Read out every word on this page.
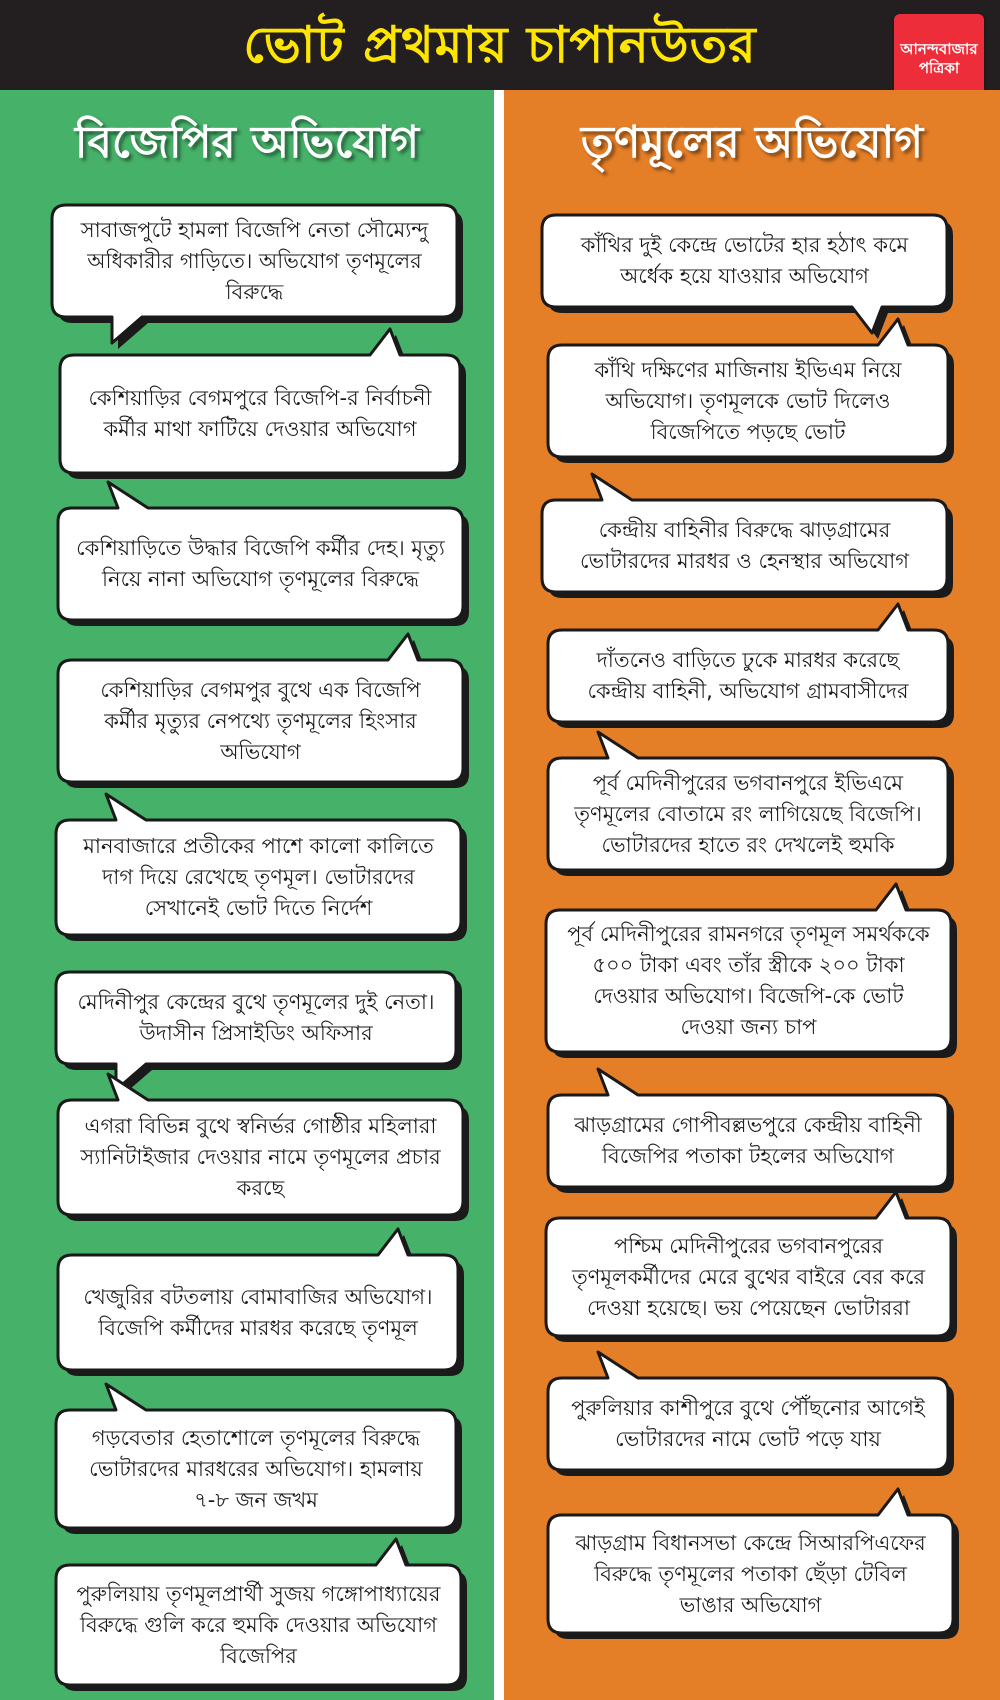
ভোট প্রথমায় চাপানউতর	আনন্দবাজার
পত্রিকা
বিজেপির অভিযোগ	তৃণমূলের অভিযোগ
সাবাজপুটে হামলা বিজেপি নেতা সৌম্যেন্দু অধিকারীর গাড়িতে। অভিযোগ তৃণমূলের বিরুদ্ধে
কেশিয়াড়ির বেগমপুরে বিজেপি-র নির্বাচনী কর্মীর মাথা ফাটিয়ে দেওয়ার অভিযোগ
কেশিয়াড়িতে উদ্ধার বিজেপি কর্মীর দেহ। মৃত্যু নিয়ে নানা অভিযোগ তৃণমূলের বিরুদ্ধে
কেশিয়াড়ির বেগমপুর বুথে এক বিজেপি কর্মীর মৃত্যুর নেপথ্যে তৃণমূলের হিংসার অভিযোগ
মানবাজারে প্রতীকের পাশে কালো কালিতে দাগ দিয়ে রেখেছে তৃণমূল। ভোটারদের সেখানেই ভোট দিতে নির্দেশ
মেদিনীপুর কেন্দ্রের বুথে তৃণমূলের দুই নেতা। উদাসীন প্রিসাইডিং অফিসার
এগরা বিভিন্ন বুথে স্বনির্ভর গোষ্ঠীর মহিলারা স্যানিটাইজার দেওয়ার নামে তৃণমূলের প্রচার করছে
খেজুরির বটতলায় বোমাবাজির অভিযোগ। বিজেপি কর্মীদের মারধর করেছে তৃণমূল
গড়বেতার হেতাশোলে তৃণমূলের বিরুদ্ধে ভোটারদের মারধরের অভিযোগ। হামলায় ৭-৮ জন জখম
পুরুলিয়ায় তৃণমূলপ্রার্থী সুজয় গঙ্গোপাধ্যায়ের বিরুদ্ধে গুলি করে হুমকি দেওয়ার অভিযোগ বিজেপির
কাঁথির দুই কেন্দ্রে ভোটের হার হঠাৎ কমে অর্ধেক হয়ে যাওয়ার অভিযোগ
কাঁথি দক্ষিণের মাজিনায় ইভিএম নিয়ে অভিযোগ। তৃণমূলকে ভোট দিলেও বিজেপিতে পড়ছে ভোট
কেন্দ্রীয় বাহিনীর বিরুদ্ধে ঝাড়গ্রামের ভোটারদের মারধর ও হেনস্থার অভিযোগ
দাঁতনেও বাড়িতে ঢুকে মারধর করেছে কেন্দ্রীয় বাহিনী, অভিযোগ গ্রামবাসীদের
পূর্ব মেদিনীপুরের ভগবানপুরে ইভিএমে তৃণমূলের বোতামে রং লাগিয়েছে বিজেপি। ভোটারদের হাতে রং দেখলেই হুমকি
পূর্ব মেদিনীপুরের রামনগরে তৃণমূল সমর্থককে ৫০০ টাকা এবং তাঁর স্ত্রীকে ২০০ টাকা দেওয়ার অভিযোগ। বিজেপি-কে ভোট দেওয়া জন্য চাপ
ঝাড়গ্রামের গোপীবল্লভপুরে কেন্দ্রীয় বাহিনী বিজেপির পতাকা টহলের অভিযোগ
পশ্চিম মেদিনীপুরের ভগবানপুরের তৃণমূলকর্মীদের মেরে বুথের বাইরে বের করে দেওয়া হয়েছে। ভয় পেয়েছেন ভোটাররা
পুরুলিয়ার কাশীপুরে বুথে পৌঁছনোর আগেই ভোটারদের নামে ভোট পড়ে যায়
ঝাড়গ্রাম বিধানসভা কেন্দ্রে সিআরপিএফের বিরুদ্ধে তৃণমূলের পতাকা ছেঁড়া টেবিল ভাঙার অভিযোগ
